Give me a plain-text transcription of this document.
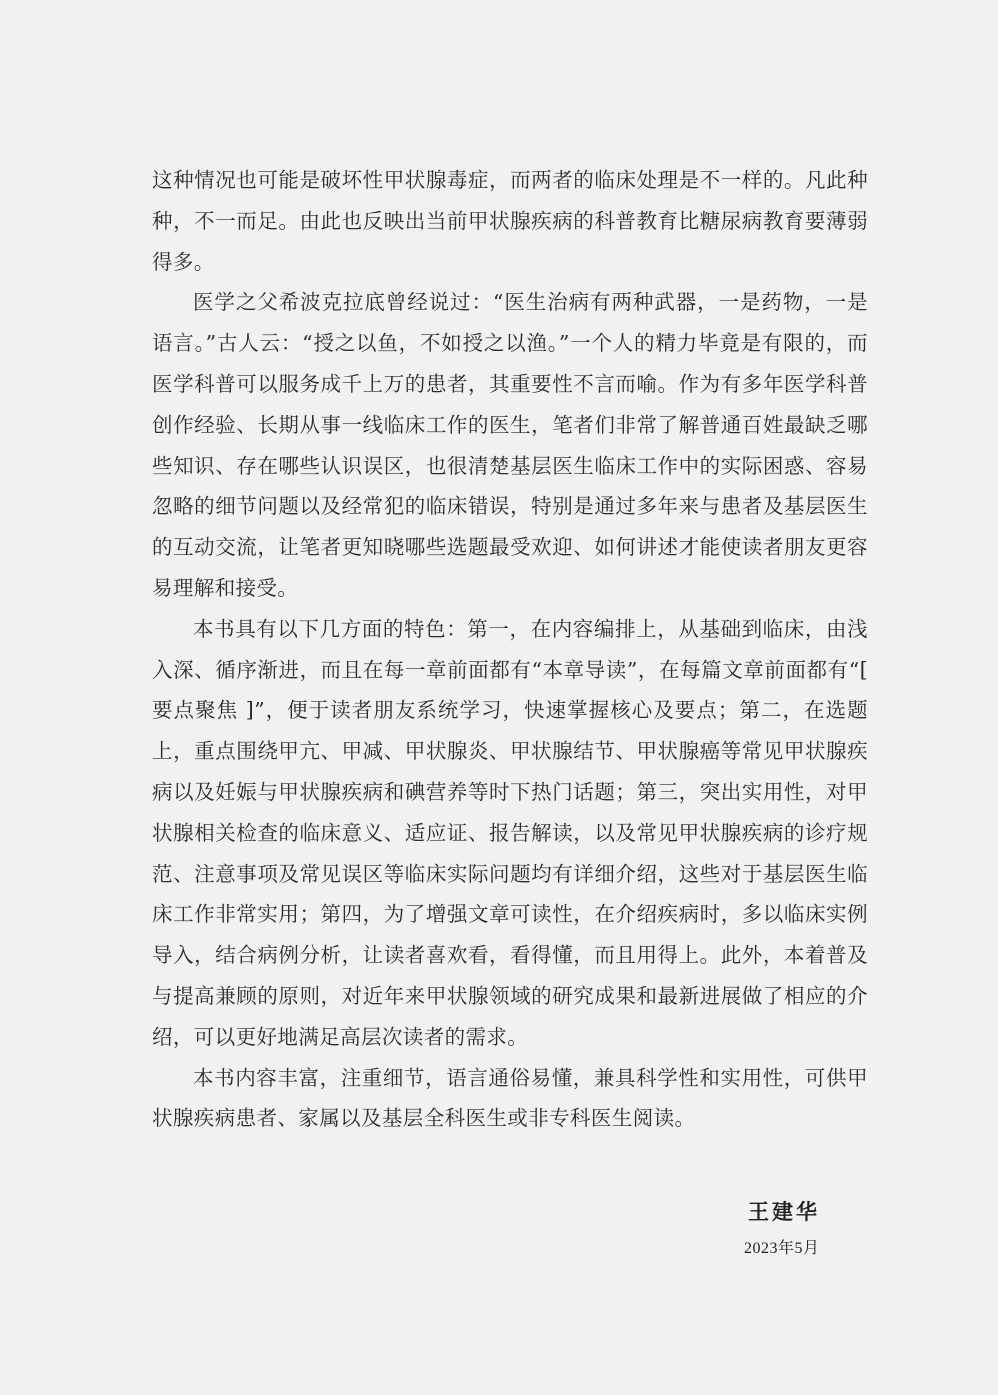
这种情况也可能是破坏性甲状腺毒症，而两者的临床处理是不一样的。凡此种种，不一而足。由此也反映出当前甲状腺疾病的科普教育比糖尿病教育要薄弱得多。

医学之父希波克拉底曾经说过：“医生治病有两种武器，一是药物，一是语言。”古人云：“授之以鱼，不如授之以渔。”一个人的精力毕竟是有限的，而医学科普可以服务成千上万的患者，其重要性不言而喻。作为有多年医学科普创作经验、长期从事一线临床工作的医生，笔者们非常了解普通百姓最缺乏哪些知识、存在哪些认识误区，也很清楚基层医生临床工作中的实际困惑、容易忽略的细节问题以及经常犯的临床错误，特别是通过多年来与患者及基层医生的互动交流，让笔者更知晓哪些选题最受欢迎、如何讲述才能使读者朋友更容易理解和接受。

本书具有以下几方面的特色：第一，在内容编排上，从基础到临床，由浅入深、循序渐进，而且在每一章前面都有“本章导读”，在每篇文章前面都有“[ 要点聚焦 ]”，便于读者朋友系统学习，快速掌握核心及要点；第二，在选题上，重点围绕甲亢、甲减、甲状腺炎、甲状腺结节、甲状腺癌等常见甲状腺疾病以及妊娠与甲状腺疾病和碘营养等时下热门话题；第三，突出实用性，对甲状腺相关检查的临床意义、适应证、报告解读，以及常见甲状腺疾病的诊疗规范、注意事项及常见误区等临床实际问题均有详细介绍，这些对于基层医生临床工作非常实用；第四，为了增强文章可读性，在介绍疾病时，多以临床实例导入，结合病例分析，让读者喜欢看，看得懂，而且用得上。此外，本着普及与提高兼顾的原则，对近年来甲状腺领域的研究成果和最新进展做了相应的介绍，可以更好地满足高层次读者的需求。

本书内容丰富，注重细节，语言通俗易懂，兼具科学性和实用性，可供甲状腺疾病患者、家属以及基层全科医生或非专科医生阅读。

王建华
2023年5月
